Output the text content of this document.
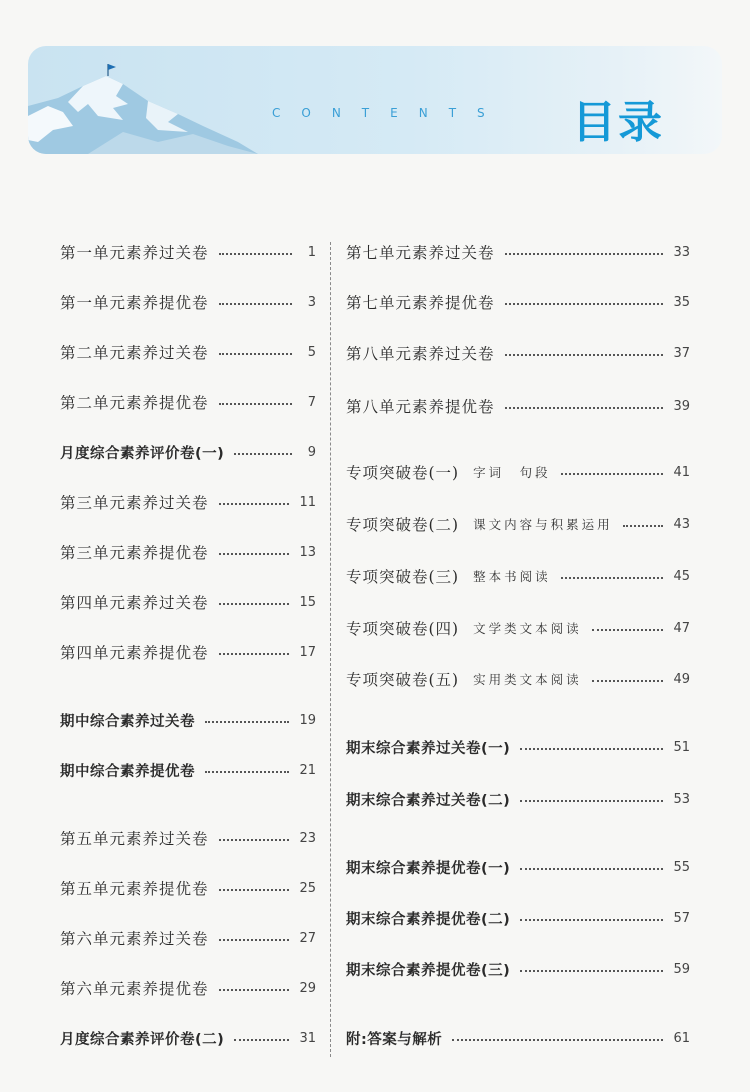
CONTENTS 目录
第一单元素养过关卷	1
第一单元素养提优卷	3
第二单元素养过关卷	5
第二单元素养提优卷	7
月度综合素养评价卷(一)	9
第三单元素养过关卷	11
第三单元素养提优卷	13
第四单元素养过关卷	15
第四单元素养提优卷	17
期中综合素养过关卷	19
期中综合素养提优卷	21
第五单元素养过关卷	23
第五单元素养提优卷	25
第六单元素养过关卷	27
第六单元素养提优卷	29
月度综合素养评价卷(二)	31
第七单元素养过关卷	33
第七单元素养提优卷	35
第八单元素养过关卷	37
第八单元素养提优卷	39
专项突破卷(一) 字词　句段	41
专项突破卷(二) 课文内容与积累运用	43
专项突破卷(三) 整本书阅读	45
专项突破卷(四) 文学类文本阅读	47
专项突破卷(五) 实用类文本阅读	49
期末综合素养过关卷(一)	51
期末综合素养过关卷(二)	53
期末综合素养提优卷(一)	55
期末综合素养提优卷(二)	57
期末综合素养提优卷(三)	59
附:答案与解析	61
